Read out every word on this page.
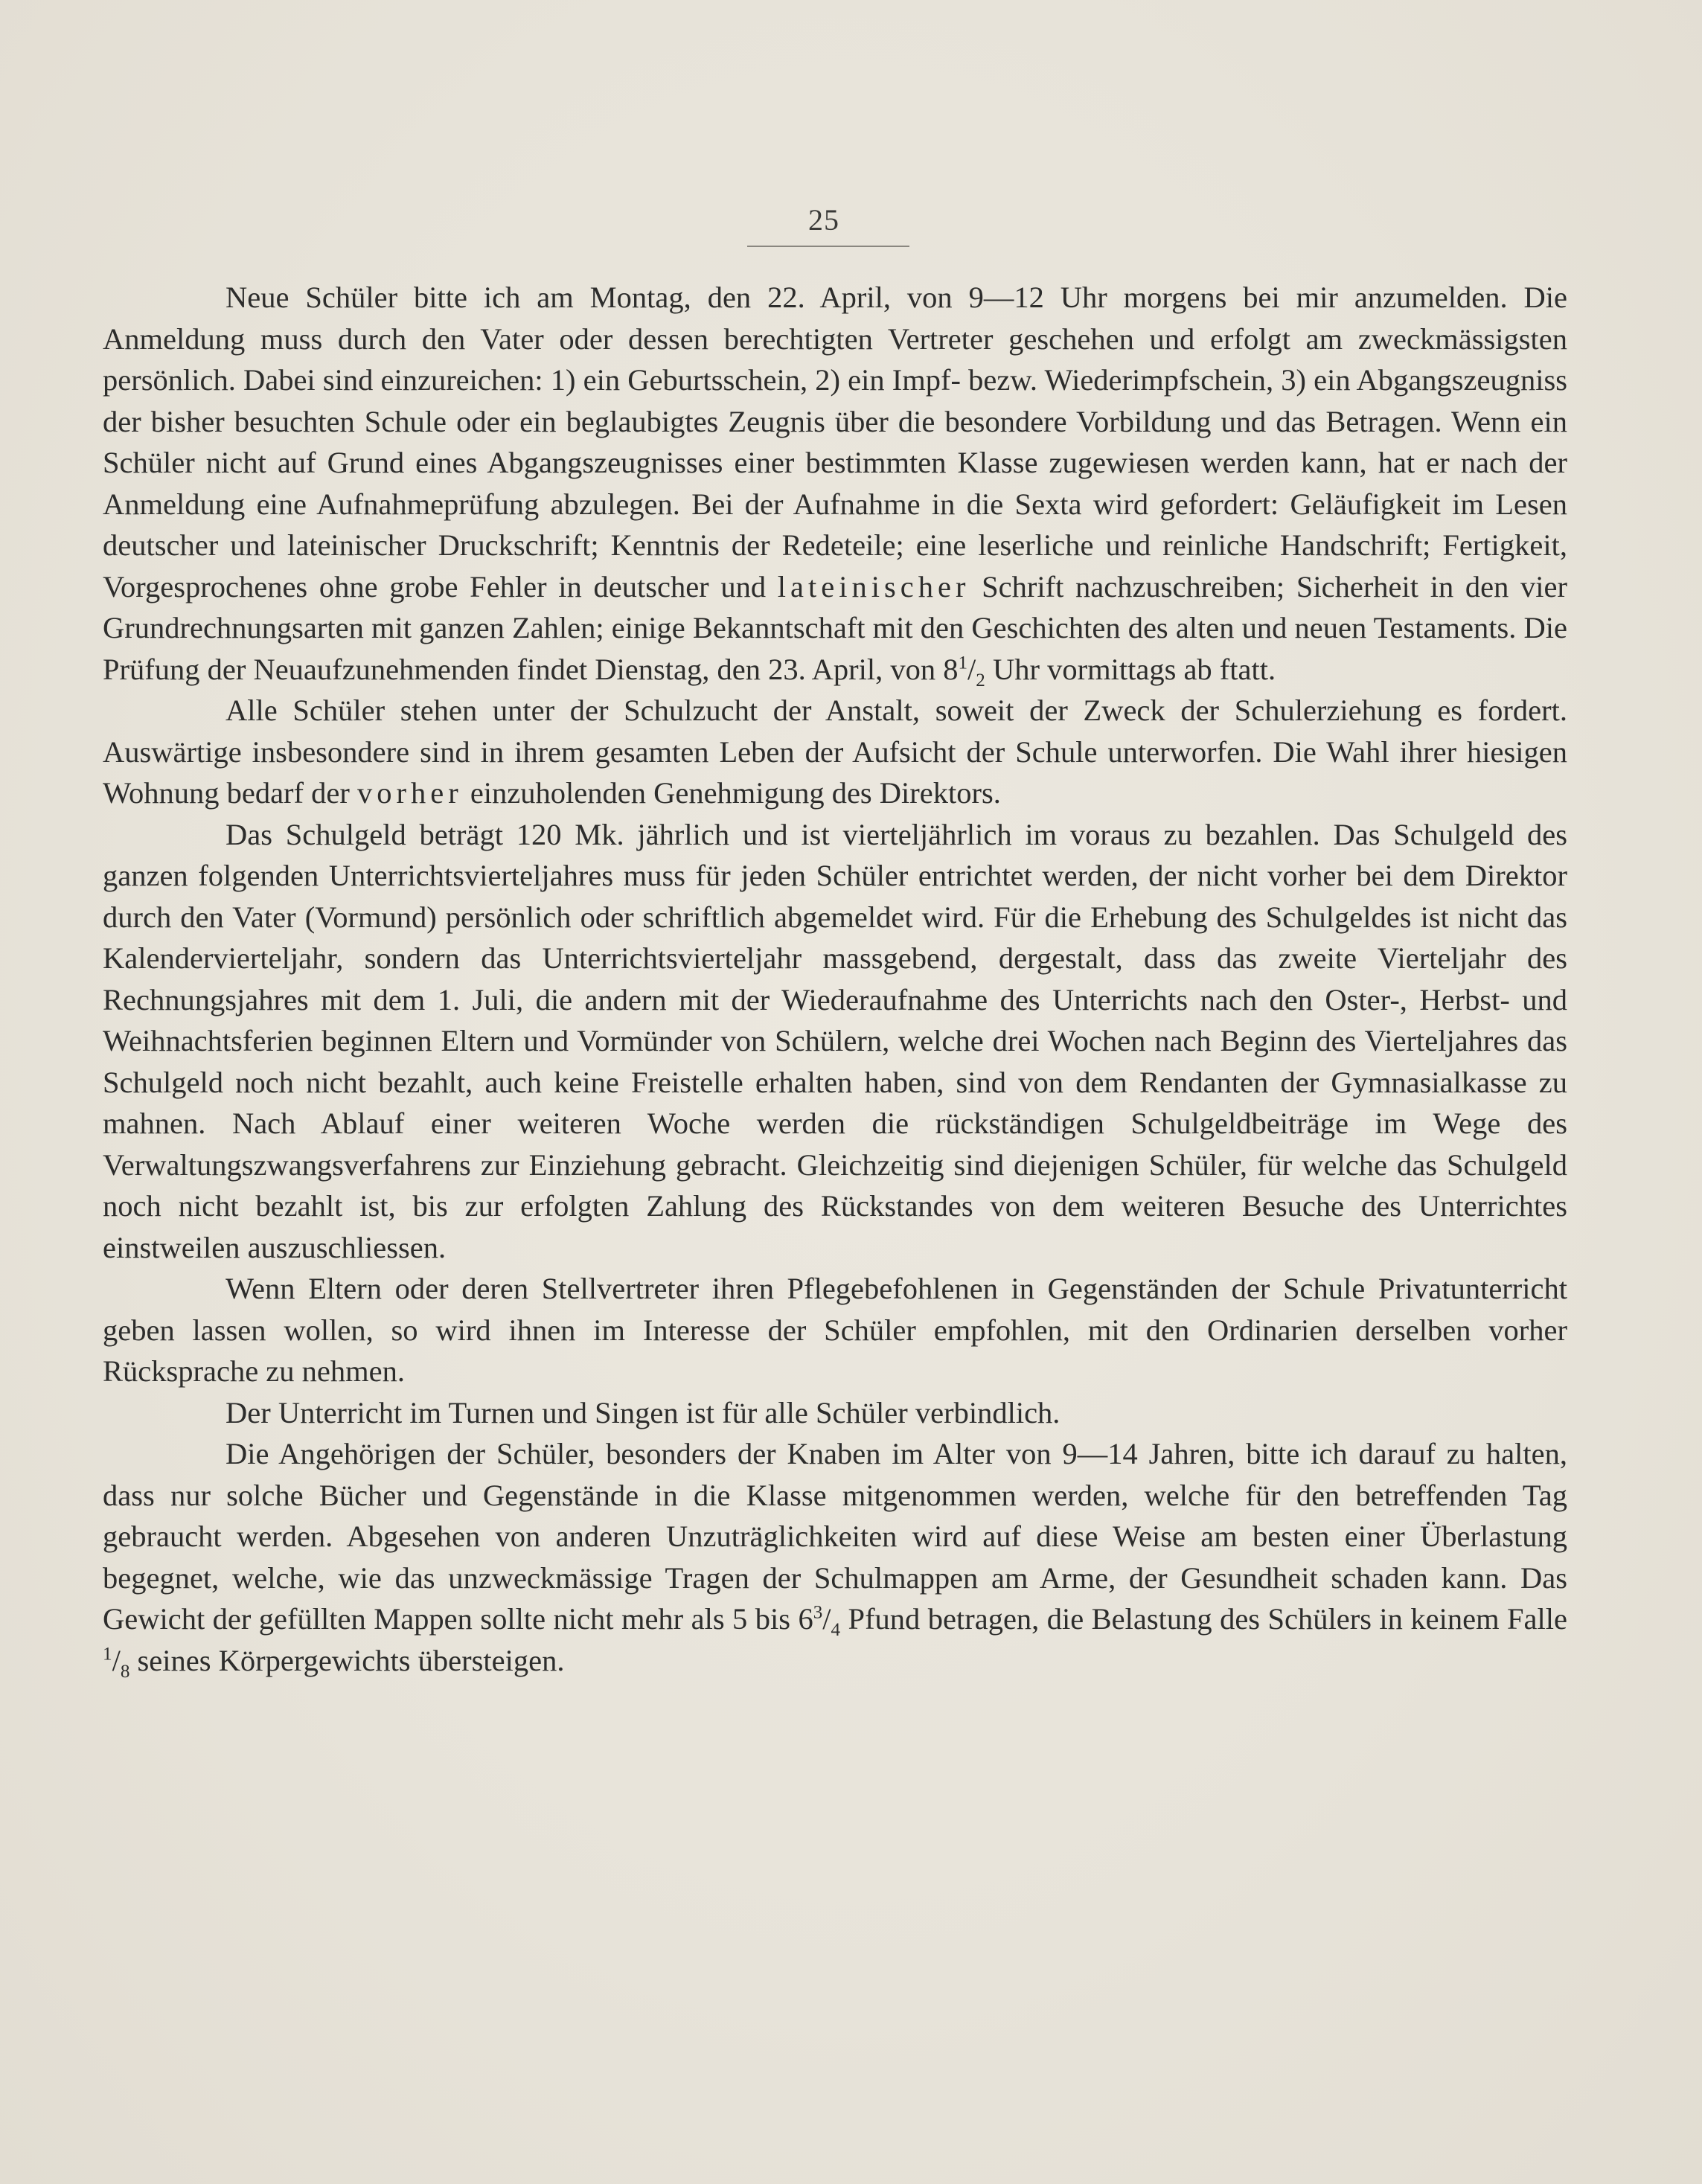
25

Neue Schüler bitte ich am Montag, den 22. April, von 9—12 Uhr morgens bei mir anzumelden. Die Anmeldung muss durch den Vater oder dessen berechtigten Vertreter geschehen und erfolgt am zweckmässigsten persönlich. Dabei sind einzureichen: 1) ein Geburtsschein, 2) ein Impf- bezw. Wiederimpfschein, 3) ein Abgangszeugniss der bisher besuchten Schule oder ein beglaubigtes Zeugnis über die besondere Vorbildung und das Betragen. Wenn ein Schüler nicht auf Grund eines Abgangszeugnisses einer bestimmten Klasse zugewiesen werden kann, hat er nach der Anmeldung eine Aufnahmeprüfung abzulegen. Bei der Aufnahme in die Sexta wird gefordert: Geläufigkeit im Lesen deutscher und lateinischer Druckschrift; Kenntnis der Redeteile; eine leserliche und reinliche Handschrift; Fertigkeit, Vorgesprochenes ohne grobe Fehler in deutscher und lateinischer Schrift nachzuschreiben; Sicherheit in den vier Grundrechnungsarten mit ganzen Zahlen; einige Bekanntschaft mit den Geschichten des alten und neuen Testaments. Die Prüfung der Neuaufzunehmenden findet Dienstag, den 23. April, von $8^1/_2$ Uhr vormittags ab ftatt.

Alle Schüler stehen unter der Schulzucht der Anstalt, soweit der Zweck der Schulerziehung es fordert. Auswärtige insbesondere sind in ihrem gesamten Leben der Aufsicht der Schule unterworfen. Die Wahl ihrer hiesigen Wohnung bedarf der vorher einzuholenden Genehmigung des Direktors.

Das Schulgeld beträgt 120 Mk. jährlich und ist vierteljährlich im voraus zu bezahlen. Das Schulgeld des ganzen folgenden Unterrichtsvierteljahres muss für jeden Schüler entrichtet werden, der nicht vorher bei dem Direktor durch den Vater (Vormund) persönlich oder schriftlich abgemeldet wird. Für die Erhebung des Schulgeldes ist nicht das Kalendervierteljahr, sondern das Unterrichtsvierteljahr massgebend, dergestalt, dass das zweite Vierteljahr des Rechnungsjahres mit dem 1. Juli, die andern mit der Wiederaufnahme des Unterrichts nach den Oster-, Herbst- und Weihnachtsferien beginnen Eltern und Vormünder von Schülern, welche drei Wochen nach Beginn des Vierteljahres das Schulgeld noch nicht bezahlt, auch keine Freistelle erhalten haben, sind von dem Rendanten der Gymnasialkasse zu mahnen. Nach Ablauf einer weiteren Woche werden die rückständigen Schulgeldbeiträge im Wege des Verwaltungszwangsverfahrens zur Einziehung gebracht. Gleichzeitig sind diejenigen Schüler, für welche das Schulgeld noch nicht bezahlt ist, bis zur erfolgten Zahlung des Rückstandes von dem weiteren Besuche des Unterrichtes einstweilen auszuschliessen.

Wenn Eltern oder deren Stellvertreter ihren Pflegebefohlenen in Gegenständen der Schule Privatunterricht geben lassen wollen, so wird ihnen im Interesse der Schüler empfohlen, mit den Ordinarien derselben vorher Rücksprache zu nehmen.

Der Unterricht im Turnen und Singen ist für alle Schüler verbindlich.

Die Angehörigen der Schüler, besonders der Knaben im Alter von 9—14 Jahren, bitte ich darauf zu halten, dass nur solche Bücher und Gegenstände in die Klasse mitgenommen werden, welche für den betreffenden Tag gebraucht werden. Abgesehen von anderen Unzuträglichkeiten wird auf diese Weise am besten einer Überlastung begegnet, welche, wie das unzweckmässige Tragen der Schulmappen am Arme, der Gesundheit schaden kann. Das Gewicht der gefüllten Mappen sollte nicht mehr als 5 bis $6^3/_4$ Pfund betragen, die Belastung des Schülers in keinem Falle $^1/_8$ seines Körpergewichts übersteigen.
